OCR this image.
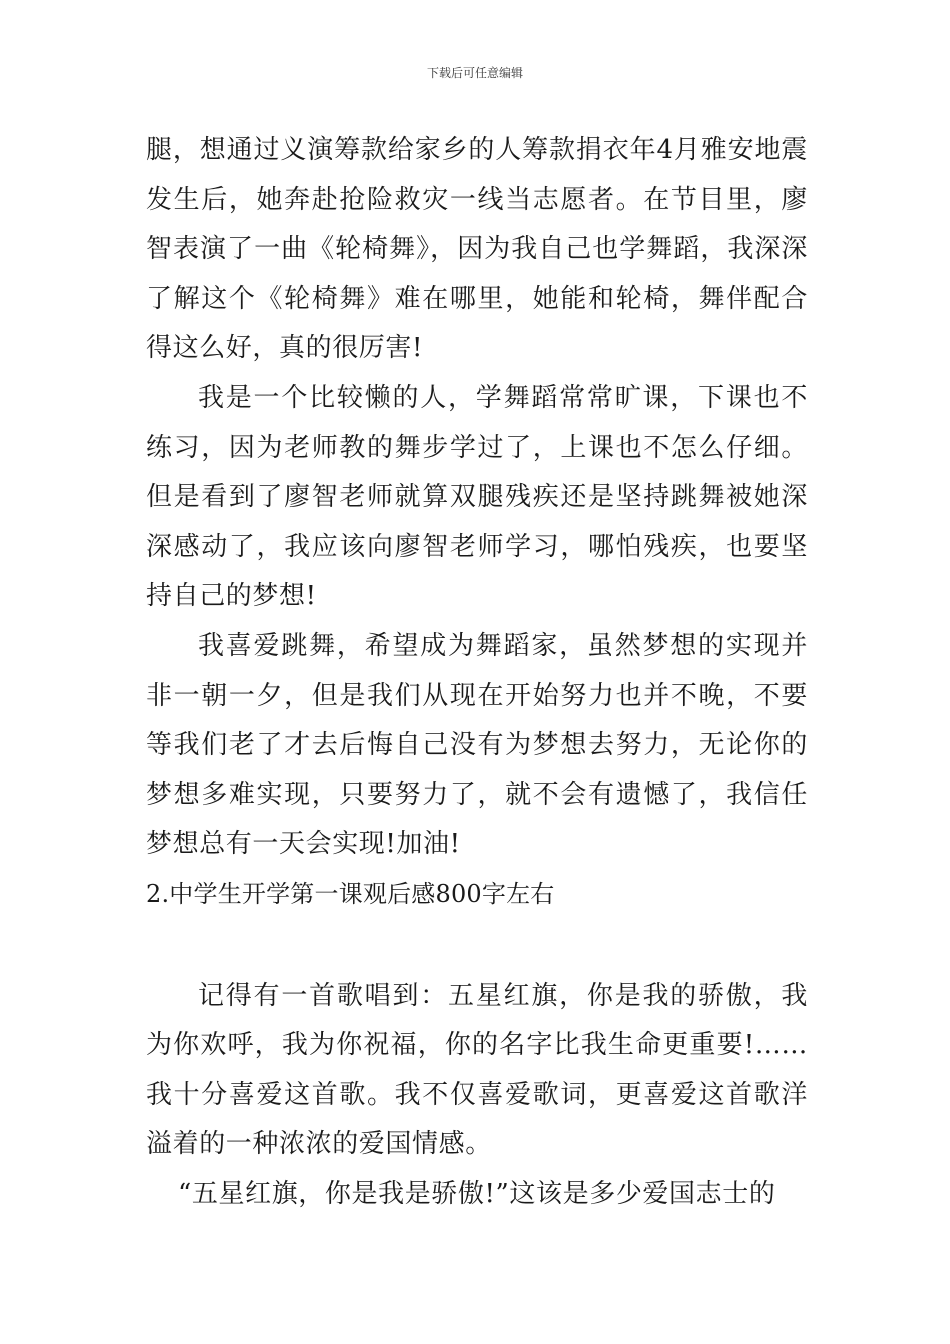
下载后可任意编辑

腿，想通过义演筹款给家乡的人筹款捐衣年4月雅安地震发生后，她奔赴抢险救灾一线当志愿者。在节目里，廖智表演了一曲《轮椅舞》，因为我自己也学舞蹈，我深深了解这个《轮椅舞》难在哪里，她能和轮椅，舞伴配合得这么好，真的很厉害!

我是一个比较懒的人，学舞蹈常常旷课，下课也不练习，因为老师教的舞步学过了，上课也不怎么仔细。但是看到了廖智老师就算双腿残疾还是坚持跳舞被她深深感动了，我应该向廖智老师学习，哪怕残疾，也要坚持自己的梦想!

我喜爱跳舞，希望成为舞蹈家，虽然梦想的实现并非一朝一夕，但是我们从现在开始努力也并不晚，不要等我们老了才去后悔自己没有为梦想去努力，无论你的梦想多难实现，只要努力了，就不会有遗憾了，我信任梦想总有一天会实现!加油!

2.中学生开学第一课观后感800字左右

记得有一首歌唱到：五星红旗，你是我的骄傲，我为你欢呼，我为你祝福，你的名字比我生命更重要!……我十分喜爱这首歌。我不仅喜爱歌词，更喜爱这首歌洋溢着的一种浓浓的爱国情感。

“五星红旗，你是我是骄傲!”这该是多少爱国志士的
